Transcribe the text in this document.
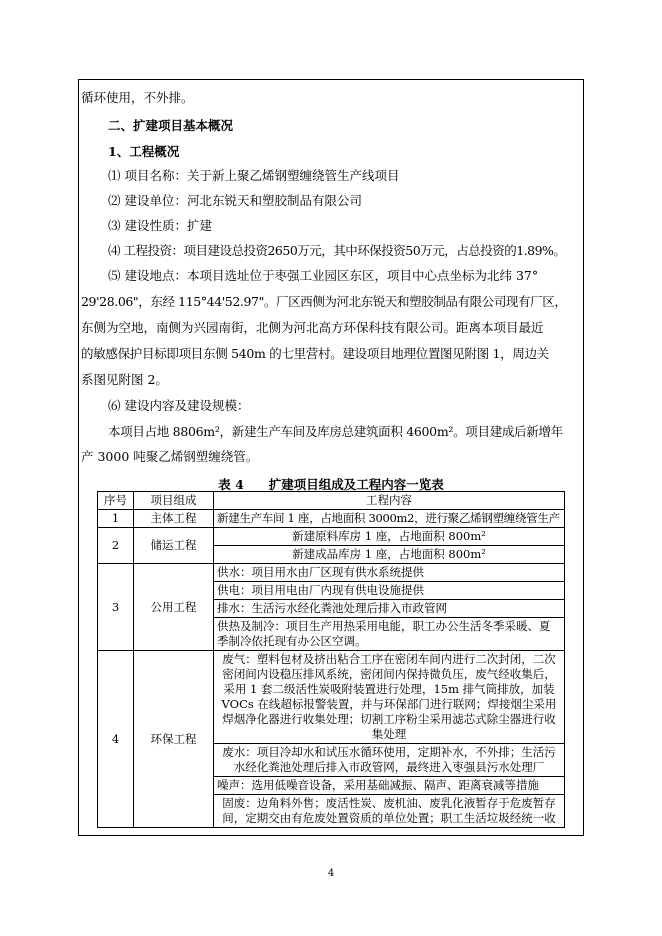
循环使用，不外排。
二、扩建项目基本概况
1、工程概况
⑴ 项目名称：关于新上聚乙烯钢塑缠绕管生产线项目
⑵ 建设单位：河北东锐天和塑胶制品有限公司
⑶ 建设性质：扩建
⑷ 工程投资：项目建设总投资2650万元，其中环保投资50万元，占总投资的1.89%。
⑸ 建设地点：本项目选址位于枣强工业园区东区，项目中心点坐标为北纬 37°
29'28.06"，东经 115°44'52.97"。厂区西侧为河北东锐天和塑胶制品有限公司现有厂区，
东侧为空地，南侧为兴园南街，北侧为河北高方环保科技有限公司。距离本项目最近
的敏感保护目标即项目东侧 540m 的七里营村。建设项目地理位置图见附图 1，周边关
系图见附图 2。
⑹ 建设内容及建设规模：
本项目占地 8806m²，新建生产车间及库房总建筑面积 4600m²。项目建成后新增年
产 3000 吨聚乙烯钢塑缠绕管。
表 4　　扩建项目组成及工程内容一览表
序号	项目组成	工程内容
1	主体工程	新建生产车间 1 座，占地面积 3000m2，进行聚乙烯钢塑缠绕管生产
2	储运工程	新建原料库房 1 座，占地面积 800m²
		新建成品库房 1 座，占地面积 800m²
3	公用工程	供水：项目用水由厂区现有供水系统提供
		供电：项目用电由厂内现有供电设施提供
		排水：生活污水经化粪池处理后排入市政管网
		供热及制冷：项目生产用热采用电能，职工办公生活冬季采暖、夏季制冷依托现有办公区空调。
4	环保工程	废气：塑料包材及挤出粘合工序在密闭车间内进行二次封闭，二次密闭间内设稳压排风系统，密闭间内保持微负压，废气经收集后，采用 1 套二级活性炭吸附装置进行处理，15m 排气筒排放，加装 VOCs 在线超标报警装置，并与环保部门进行联网；焊接烟尘采用焊烟净化器进行收集处理；切割工序粉尘采用滤芯式除尘器进行收集处理
		废水：项目冷却水和试压水循环使用，定期补水，不外排；生活污水经化粪池处理后排入市政管网，最终进入枣强县污水处理厂
		噪声：选用低噪音设备，采用基础减振、隔声、距离衰减等措施
		固废：边角料外售；废活性炭、废机油、废乳化液暂存于危废暂存间，定期交由有危废处置资质的单位处置；职工生活垃圾经统一收
4
